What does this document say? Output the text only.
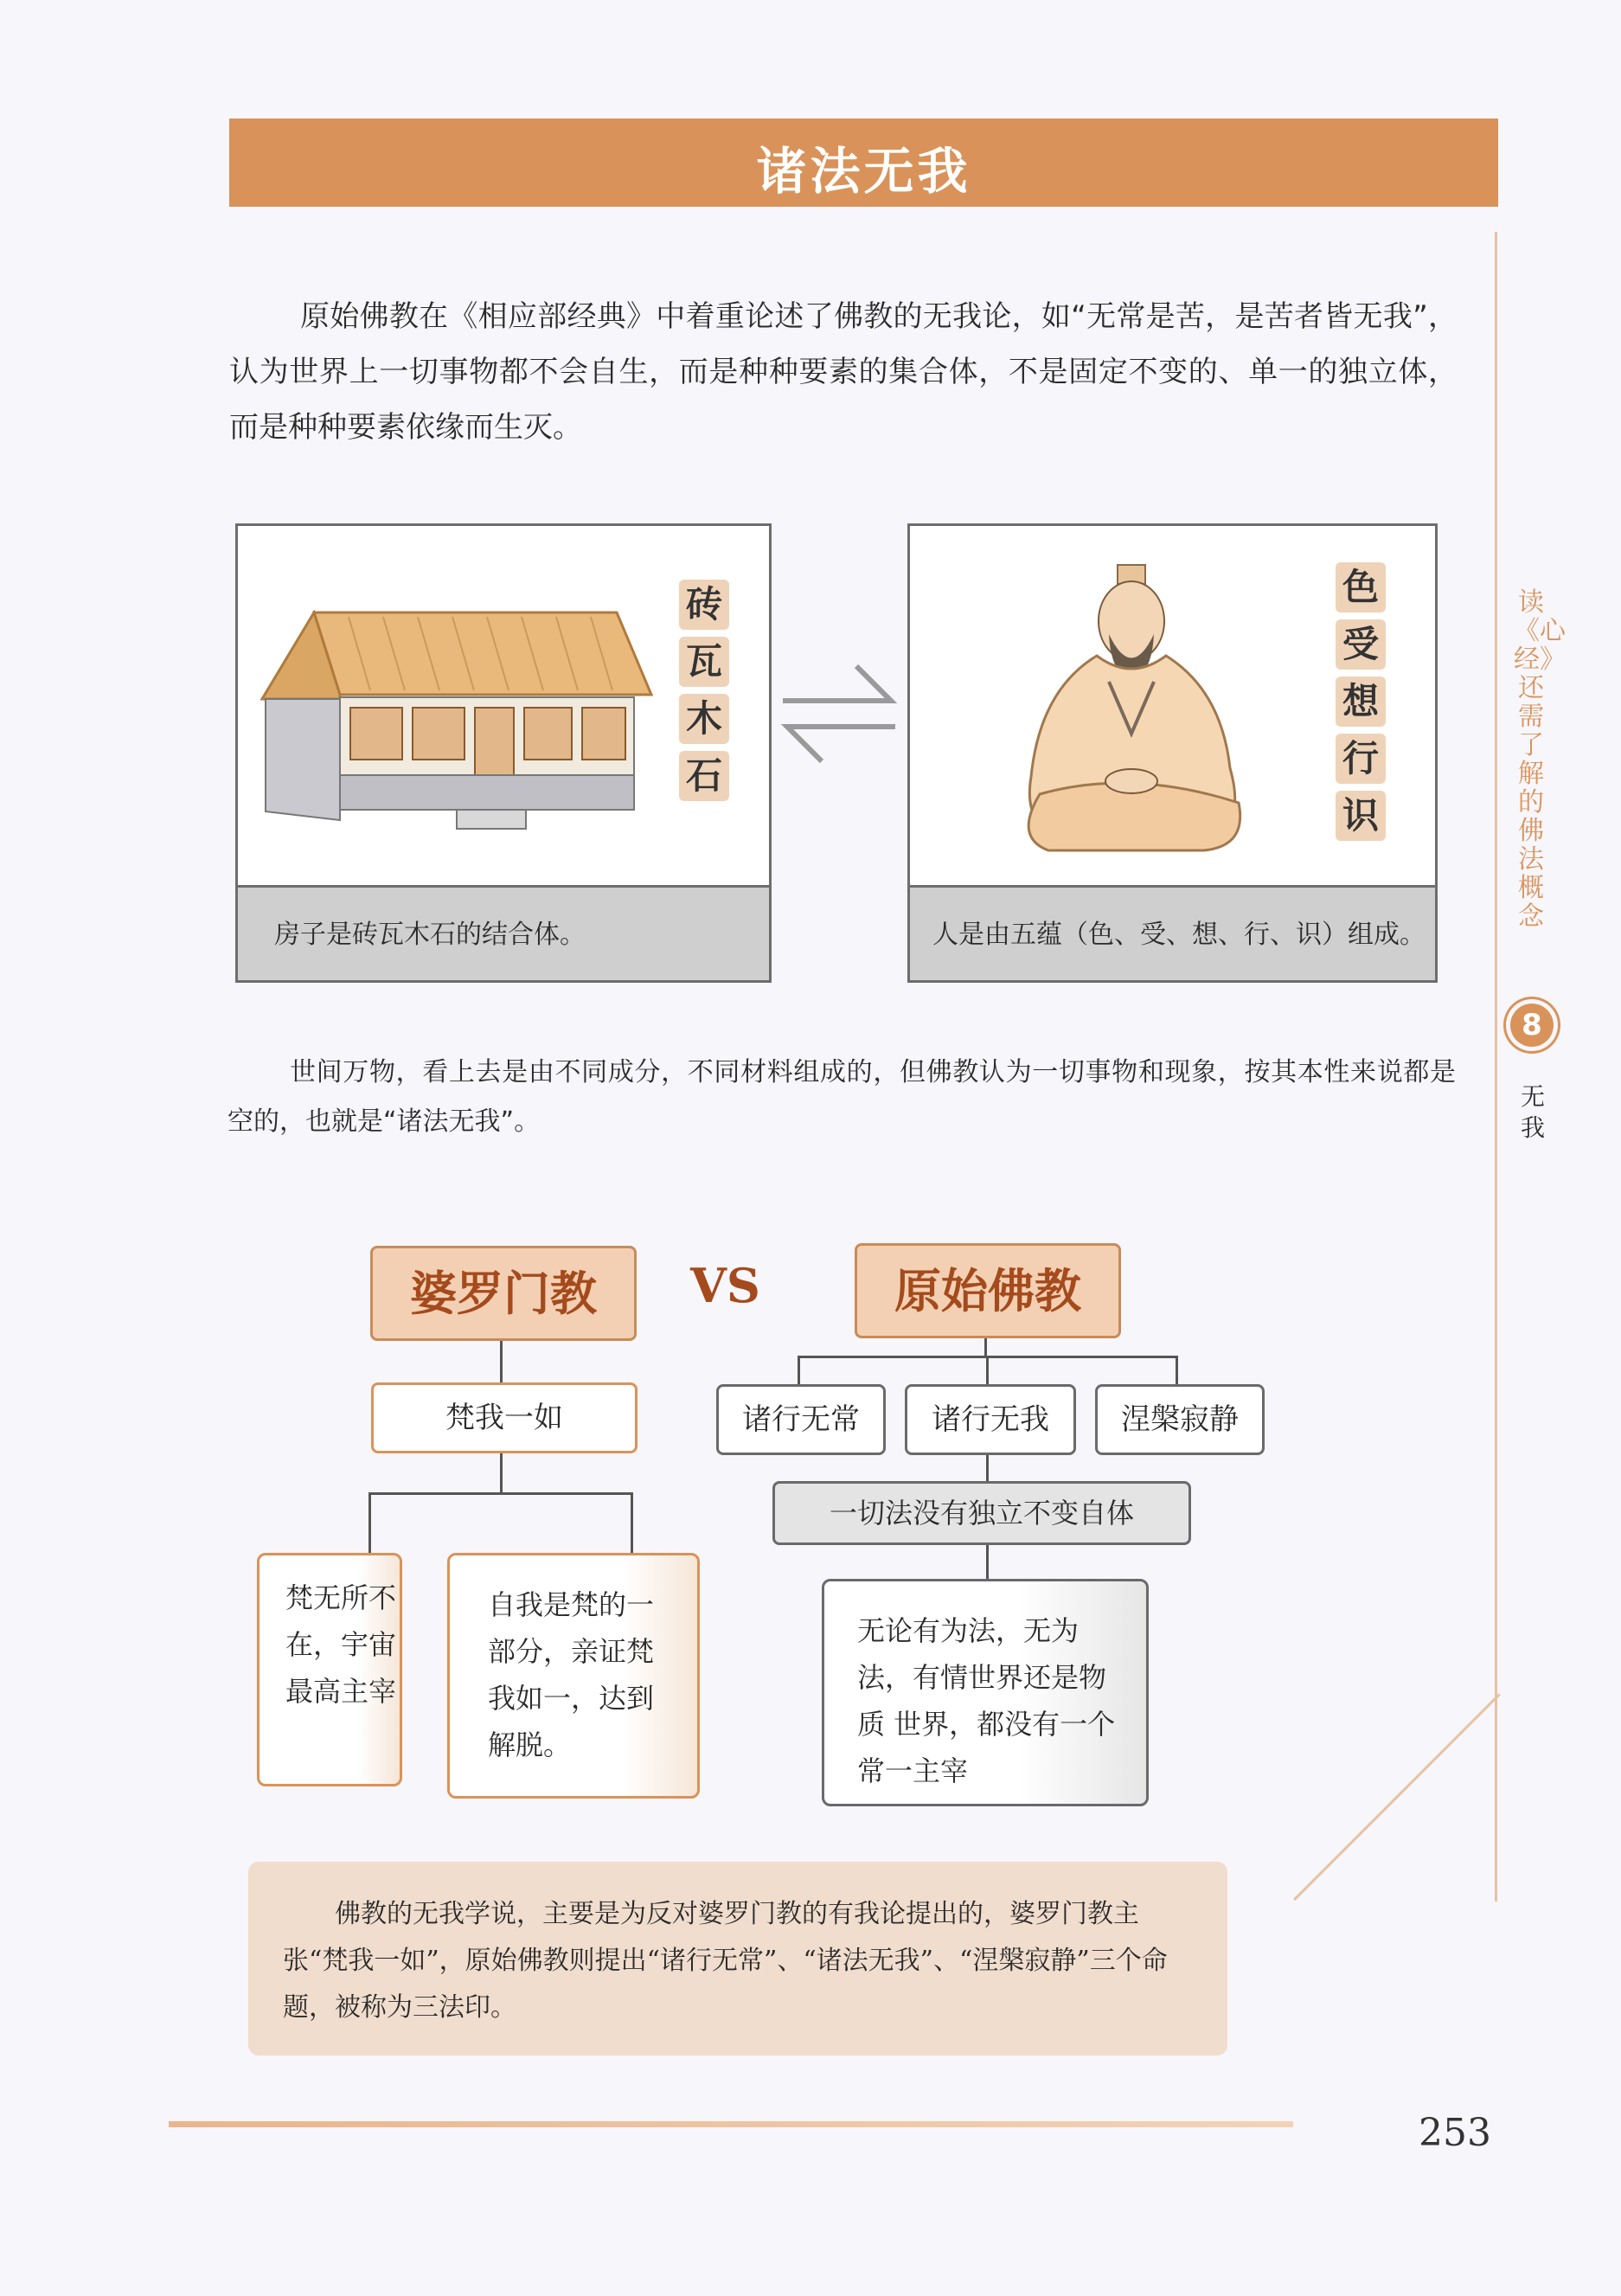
诸法无我
原始佛教在《相应部经典》中着重论述了佛教的无我论，如“无常是苦，是苦者皆无我”，认为世界上一切事物都不会自生，而是种种要素的集合体，不是固定不变的、单一的独立体，而是种种要素依缘而生灭。
砖
瓦
木
石
房子是砖瓦木石的结合体。
色
受
想
行
识
人是由五蕴（色、受、想、行、识）组成。
读《心经》还需了解的佛法概念
8
无我
世间万物，看上去是由不同成分，不同材料组成的，但佛教认为一切事物和现象，按其本性来说都是空的，也就是“诸法无我”。
婆罗门教	VS	原始佛教
梵我一如	诸行无常	诸行无我	涅槃寂静
一切法没有独立不变自体
梵无所不在，宇宙最高主宰
自我是梵的一部分，亲证梵我如一，达到解脱。
无论有为法，无为法，有情世界还是物质 世界，都没有一个常一主宰
佛教的无我学说，主要是为反对婆罗门教的有我论提出的，婆罗门教主张“梵我一如”，原始佛教则提出“诸行无常”、“诸法无我”、“涅槃寂静”三个命题，被称为三法印。
253
